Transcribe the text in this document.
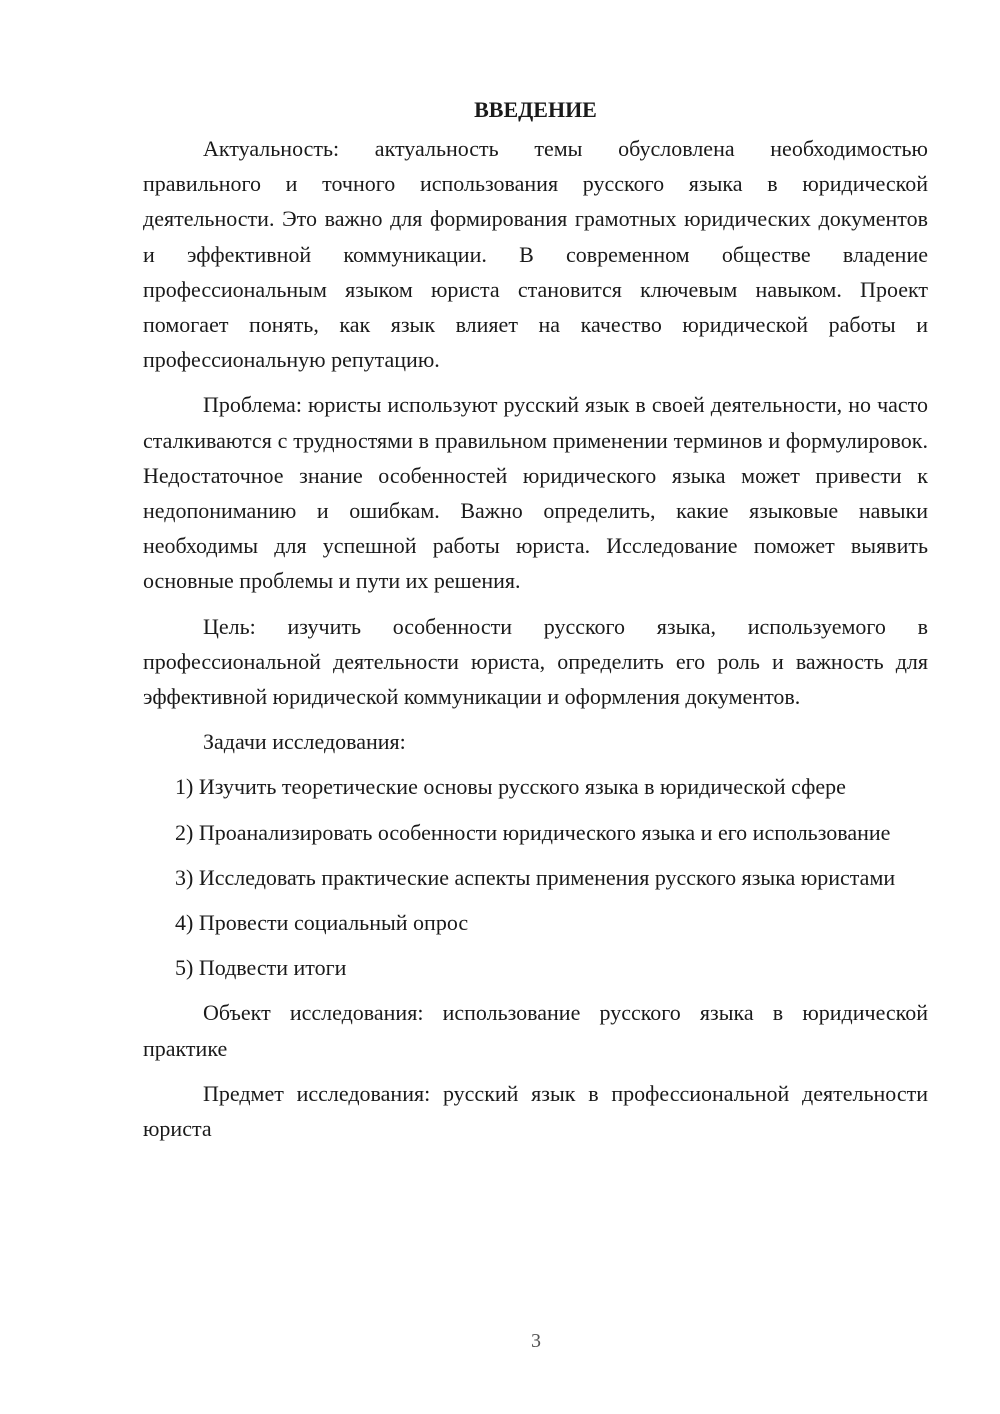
ВВЕДЕНИЕ

Актуальность: актуальность темы обусловлена необходимостью правильного и точного использования русского языка в юридической деятельности. Это важно для формирования грамотных юридических документов и эффективной коммуникации. В современном обществе владение профессиональным языком юриста становится ключевым навыком. Проект помогает понять, как язык влияет на качество юридической работы и профессиональную репутацию.

Проблема: юристы используют русский язык в своей деятельности, но часто сталкиваются с трудностями в правильном применении терминов и формулировок. Недостаточное знание особенностей юридического языка может привести к недопониманию и ошибкам. Важно определить, какие языковые навыки необходимы для успешной работы юриста. Исследование поможет выявить основные проблемы и пути их решения.

Цель: изучить особенности русского языка, используемого в профессиональной деятельности юриста, определить его роль и важность для эффективной юридической коммуникации и оформления документов.

Задачи исследования:

1) Изучить теоретические основы русского языка в юридической сфере

2) Проанализировать особенности юридического языка и его использование

3) Исследовать практические аспекты применения русского языка юристами

4) Провести социальный опрос

5) Подвести итоги

Объект исследования: использование русского языка в юридической практике

Предмет исследования: русский язык в профессиональной деятельности юриста

3
